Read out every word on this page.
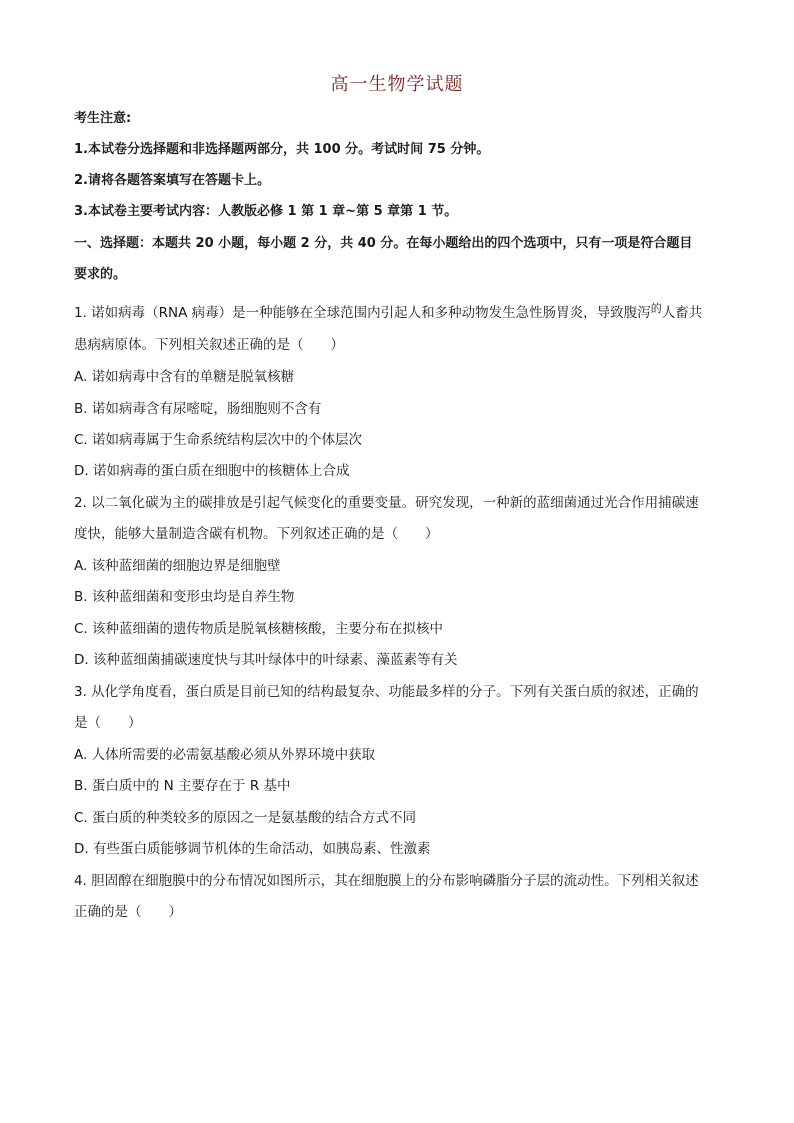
高一生物学试题
考生注意:
1.本试卷分选择题和非选择题两部分，共 100 分。考试时间 75 分钟。
2.请将各题答案填写在答题卡上。
3.本试卷主要考试内容：人教版必修 1 第 1 章~第 5 章第 1 节。
一、选择题：本题共 20 小题，每小题 2 分，共 40 分。在每小题给出的四个选项中，只有一项是符合题目
要求的。
1. 诺如病毒（RNA 病毒）是一种能够在全球范围内引起人和多种动物发生急性肠胃炎，导致腹泻$^的$人畜共
患病病原体。下列相关叙述正确的是（　　）
A. 诺如病毒中含有的单糖是脱氧核糖
B. 诺如病毒含有尿嘧啶，肠细胞则不含有
C. 诺如病毒属于生命系统结构层次中的个体层次
D. 诺如病毒的蛋白质在细胞中的核糖体上合成
2. 以二氧化碳为主的碳排放是引起气候变化的重要变量。研究发现，一种新的蓝细菌通过光合作用捕碳速
度快，能够大量制造含碳有机物。下列叙述正确的是（　　）
A. 该种蓝细菌的细胞边界是细胞壁
B. 该种蓝细菌和变形虫均是自养生物
C. 该种蓝细菌的遗传物质是脱氧核糖核酸，主要分布在拟核中
D. 该种蓝细菌捕碳速度快与其叶绿体中的叶绿素、藻蓝素等有关
3. 从化学角度看，蛋白质是目前已知的结构最复杂、功能最多样的分子。下列有关蛋白质的叙述，正确的
是（　　）
A. 人体所需要的必需氨基酸必须从外界环境中获取
B. 蛋白质中的 N 主要存在于 R 基中
C. 蛋白质的种类较多的原因之一是氨基酸的结合方式不同
D. 有些蛋白质能够调节机体的生命活动，如胰岛素、性激素
4. 胆固醇在细胞膜中的分布情况如图所示，其在细胞膜上的分布影响磷脂分子层的流动性。下列相关叙述
正确的是（　　）
